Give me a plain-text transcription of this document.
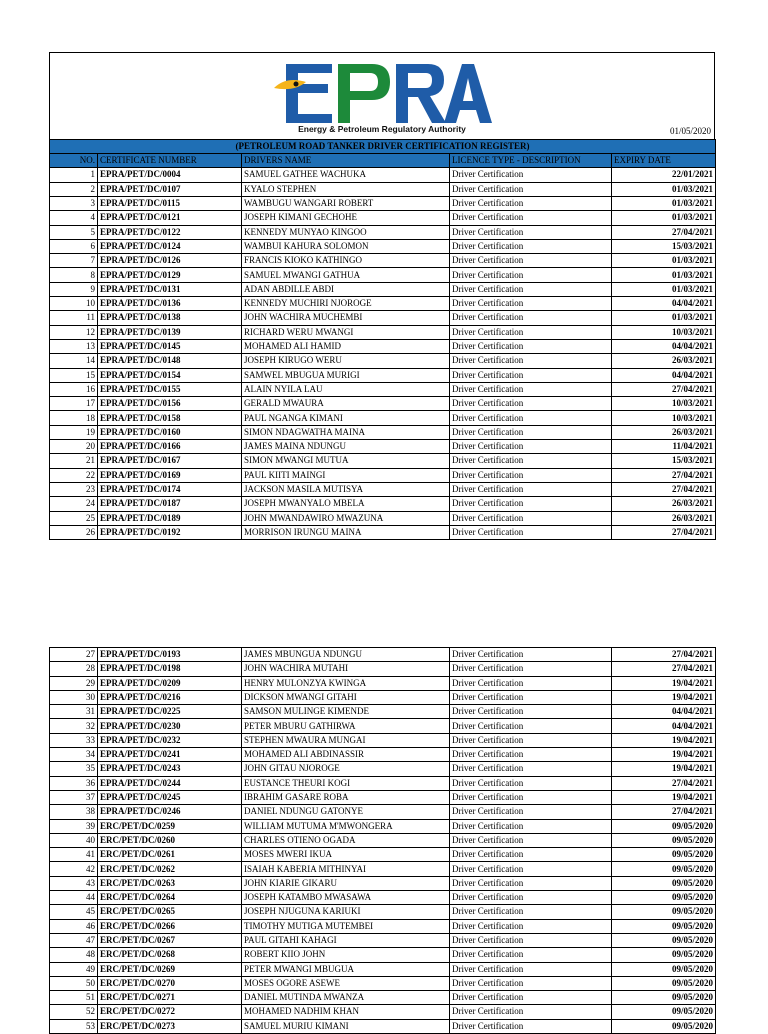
Energy & Petroleum Regulatory Authority	01/05/2020
(PETROLEUM ROAD TANKER DRIVER CERTIFICATION REGISTER)				
NO.	CERTIFICATE NUMBER	DRIVERS NAME	LICENCE TYPE - DESCRIPTION	EXPIRY DATE
1	EPRA/PET/DC/0004	SAMUEL GATHEE WACHUKA	Driver Certification	22/01/2021
2	EPRA/PET/DC/0107	KYALO STEPHEN	Driver Certification	01/03/2021
3	EPRA/PET/DC/0115	WAMBUGU WANGARI ROBERT	Driver Certification	01/03/2021
4	EPRA/PET/DC/0121	JOSEPH KIMANI GECHOHE	Driver Certification	01/03/2021
5	EPRA/PET/DC/0122	KENNEDY MUNYAO KINGOO	Driver Certification	27/04/2021
6	EPRA/PET/DC/0124	WAMBUI KAHURA SOLOMON	Driver Certification	15/03/2021
7	EPRA/PET/DC/0126	FRANCIS KIOKO KATHINGO	Driver Certification	01/03/2021
8	EPRA/PET/DC/0129	SAMUEL MWANGI GATHUA	Driver Certification	01/03/2021
9	EPRA/PET/DC/0131	ADAN ABDILLE ABDI	Driver Certification	01/03/2021
10	EPRA/PET/DC/0136	KENNEDY MUCHIRI NJOROGE	Driver Certification	04/04/2021
11	EPRA/PET/DC/0138	JOHN WACHIRA MUCHEMBI	Driver Certification	01/03/2021
12	EPRA/PET/DC/0139	RICHARD WERU MWANGI	Driver Certification	10/03/2021
13	EPRA/PET/DC/0145	MOHAMED ALI HAMID	Driver Certification	04/04/2021
14	EPRA/PET/DC/0148	JOSEPH KIRUGO WERU	Driver Certification	26/03/2021
15	EPRA/PET/DC/0154	SAMWEL MBUGUA MURIGI	Driver Certification	04/04/2021
16	EPRA/PET/DC/0155	ALAIN NYILA LAU	Driver Certification	27/04/2021
17	EPRA/PET/DC/0156	GERALD MWAURA	Driver Certification	10/03/2021
18	EPRA/PET/DC/0158	PAUL NGANGA KIMANI	Driver Certification	10/03/2021
19	EPRA/PET/DC/0160	SIMON NDAGWATHA MAINA	Driver Certification	26/03/2021
20	EPRA/PET/DC/0166	JAMES MAINA NDUNGU	Driver Certification	11/04/2021
21	EPRA/PET/DC/0167	SIMON MWANGI MUTUA	Driver Certification	15/03/2021
22	EPRA/PET/DC/0169	PAUL KIITI MAINGI	Driver Certification	27/04/2021
23	EPRA/PET/DC/0174	JACKSON MASILA MUTISYA	Driver Certification	27/04/2021
24	EPRA/PET/DC/0187	JOSEPH MWANYALO MBELA	Driver Certification	26/03/2021
25	EPRA/PET/DC/0189	JOHN MWANDAWIRO MWAZUNA	Driver Certification	26/03/2021
26	EPRA/PET/DC/0192	MORRISON IRUNGU MAINA	Driver Certification	27/04/2021
27	EPRA/PET/DC/0193	JAMES MBUNGUA NDUNGU	Driver Certification	27/04/2021
28	EPRA/PET/DC/0198	JOHN WACHIRA MUTAHI	Driver Certification	27/04/2021
29	EPRA/PET/DC/0209	HENRY MULONZYA KWINGA	Driver Certification	19/04/2021
30	EPRA/PET/DC/0216	DICKSON MWANGI GITAHI	Driver Certification	19/04/2021
31	EPRA/PET/DC/0225	SAMSON MULINGE KIMENDE	Driver Certification	04/04/2021
32	EPRA/PET/DC/0230	PETER MBURU GATHIRWA	Driver Certification	04/04/2021
33	EPRA/PET/DC/0232	STEPHEN MWAURA MUNGAI	Driver Certification	19/04/2021
34	EPRA/PET/DC/0241	MOHAMED ALI ABDINASSIR	Driver Certification	19/04/2021
35	EPRA/PET/DC/0243	JOHN GITAU NJOROGE	Driver Certification	19/04/2021
36	EPRA/PET/DC/0244	EUSTANCE THEURI KOGI	Driver Certification	27/04/2021
37	EPRA/PET/DC/0245	IBRAHIM GASARE ROBA	Driver Certification	19/04/2021
38	EPRA/PET/DC/0246	DANIEL NDUNGU GATONYE	Driver Certification	27/04/2021
39	ERC/PET/DC/0259	WILLIAM MUTUMA M'MWONGERA	Driver Certification	09/05/2020
40	ERC/PET/DC/0260	CHARLES OTIENO OGADA	Driver Certification	09/05/2020
41	ERC/PET/DC/0261	MOSES MWERI IKUA	Driver Certification	09/05/2020
42	ERC/PET/DC/0262	ISAIAH KABERIA MITHINYAI	Driver Certification	09/05/2020
43	ERC/PET/DC/0263	JOHN KIARIE GIKARU	Driver Certification	09/05/2020
44	ERC/PET/DC/0264	JOSEPH KATAMBO MWASAWA	Driver Certification	09/05/2020
45	ERC/PET/DC/0265	JOSEPH NJUGUNA KARIUKI	Driver Certification	09/05/2020
46	ERC/PET/DC/0266	TIMOTHY MUTIGA MUTEMBEI	Driver Certification	09/05/2020
47	ERC/PET/DC/0267	PAUL GITAHI KAHAGI	Driver Certification	09/05/2020
48	ERC/PET/DC/0268	ROBERT KIIO JOHN	Driver Certification	09/05/2020
49	ERC/PET/DC/0269	PETER MWANGI MBUGUA	Driver Certification	09/05/2020
50	ERC/PET/DC/0270	MOSES OGORE ASEWE	Driver Certification	09/05/2020
51	ERC/PET/DC/0271	DANIEL MUTINDA MWANZA	Driver Certification	09/05/2020
52	ERC/PET/DC/0272	MOHAMED NADHIM KHAN	Driver Certification	09/05/2020
53	ERC/PET/DC/0273	SAMUEL MURIU KIMANI	Driver Certification	09/05/2020
